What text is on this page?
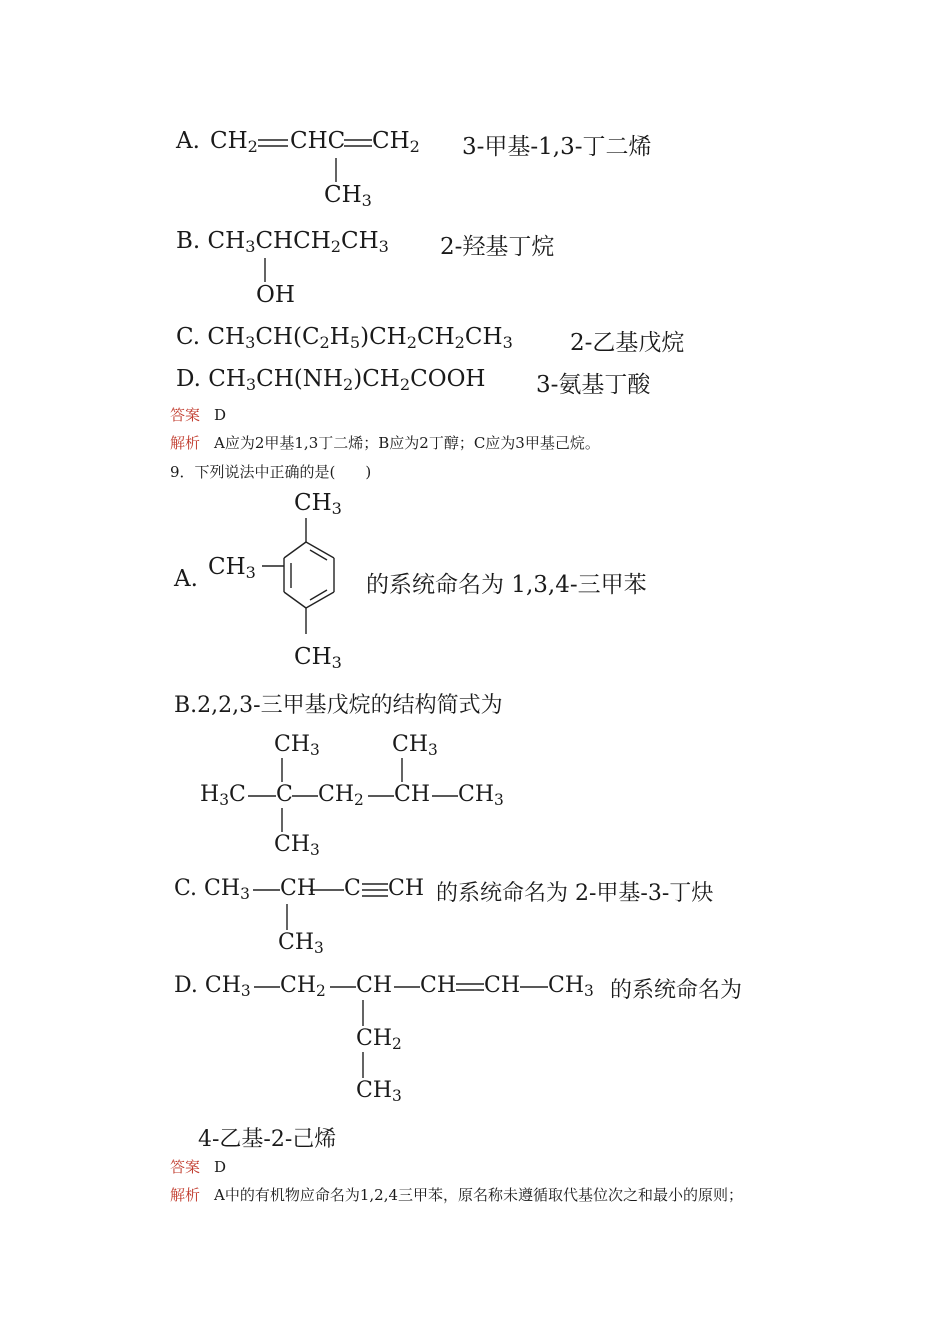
A. $CH_2$ CHC $CH_2$
$CH_3$
3-甲基-1,3-丁二烯
B. $CH_3CHCH_2CH_3$
OH
2-羟基丁烷
C. $CH_3CH(C_2H_5)CH_2CH_2CH_3$ 2-乙基戊烷
D. $CH_3CH(NH_2)CH_2COOH$ 3-氨基丁酸
答案 D
解析 A应为2甲基1,3丁二烯；B应为2丁醇；C应为3甲基己烷。
9．下列说法中正确的是(　　)
$CH_3$
A. $CH_3$
$CH_3$
的系统命名为 1,3,4-三甲苯
B.2,2,3-三甲基戊烷的结构简式为
$CH_3$	$CH_3$
$H_3C$ C $CH_2$ CH $CH_3$
$CH_3$
C. $CH_3$ CH C CH
$CH_3$
的系统命名为 2-甲基-3-丁炔
D. $CH_3$ $CH_2$ CH CH CH $CH_3$ 的系统命名为
$CH_2$
$CH_3$
4-乙基-2-己烯
答案 D
解析 A中的有机物应命名为1,2,4三甲苯，原名称未遵循取代基位次之和最小的原则；
